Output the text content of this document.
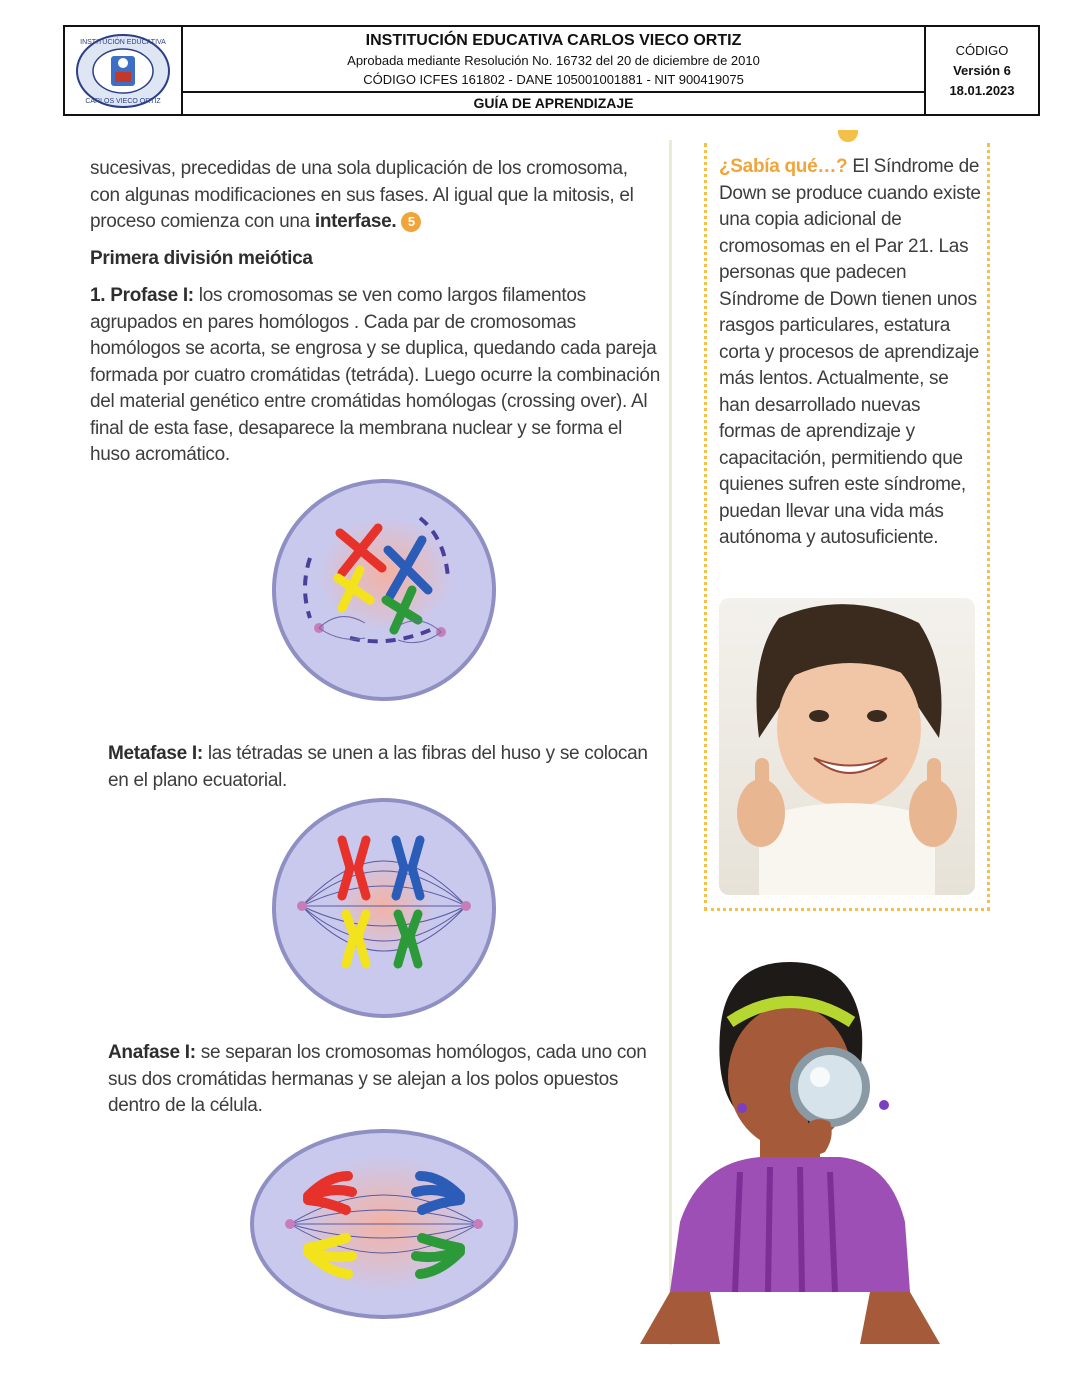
INSTITUCIÓN EDUCATIVA
CARLOS VIECO ORTIZ
INSTITUCIÓN EDUCATIVA CARLOS VIECO ORTIZ
Aprobada mediante Resolución No. 16732 del 20 de diciembre de 2010
CÓDIGO ICFES 161802 - DANE 105001001881 - NIT 900419075
GUÍA DE APRENDIZAJE
CÓDIGO
Versión 6
18.01.2023
sucesivas, precedidas de una sola duplicación de los cromosoma, con algunas modificaciones en sus fases. Al igual que la mitosis, el proceso comienza con una interfase. 5
Primera división meiótica
1. Profase I: los cromosomas se ven como largos filamentos agrupados en pares homólogos . Cada par de cromosomas homólogos se acorta, se engrosa y se duplica, quedando cada pareja formada por cuatro cromátidas (tetráda). Luego ocurre la combinación del material genético entre cromátidas homólogas (crossing over). Al final de esta fase, desaparece la membrana nuclear y se forma el huso acromático.
Metafase I: las tétradas se unen a las fibras del huso y se colocan en el plano ecuatorial.
Anafase I: se separan los cromosomas homólogos, cada uno con sus dos cromátidas hermanas y se alejan a los polos opuestos dentro de la célula.
¿Sabía qué…? El Síndrome de Down se produce cuando existe una copia adicional de cromosomas en el Par 21. Las personas que padecen Síndrome de Down tienen unos rasgos particulares, estatura corta y procesos de aprendizaje más lentos. Actualmente, se han desarrollado nuevas formas de aprendizaje y capacitación, permitiendo que quienes sufren este síndrome, puedan llevar una vida más autónoma y autosuficiente.
